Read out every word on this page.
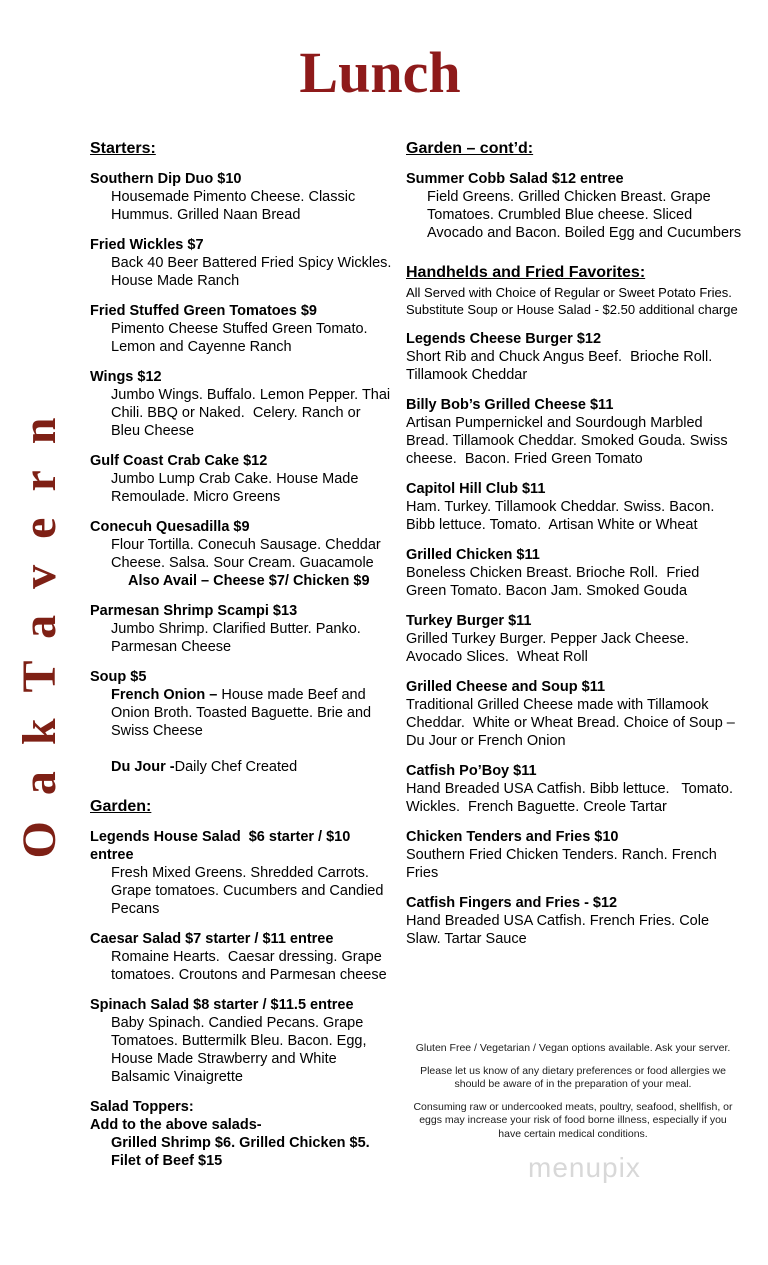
OakTavern
Lunch
Starters:
Southern Dip Duo $10
Housemade Pimento Cheese. Classic Hummus. Grilled Naan Bread
Fried Wickles $7
Back 40 Beer Battered Fried Spicy Wickles. House Made Ranch
Fried Stuffed Green Tomatoes $9
Pimento Cheese Stuffed Green Tomato. Lemon and Cayenne Ranch
Wings $12
Jumbo Wings. Buffalo. Lemon Pepper. Thai Chili. BBQ or Naked.  Celery. Ranch or Bleu Cheese
Gulf Coast Crab Cake $12
Jumbo Lump Crab Cake. House Made Remoulade. Micro Greens
Conecuh Quesadilla $9
Flour Tortilla. Conecuh Sausage. Cheddar Cheese. Salsa. Sour Cream. Guacamole
Also Avail – Cheese $7/ Chicken $9
Parmesan Shrimp Scampi $13
Jumbo Shrimp. Clarified Butter. Panko. Parmesan Cheese
Soup $5
French Onion – House made Beef and Onion Broth. Toasted Baguette. Brie and Swiss Cheese
Du Jour -Daily Chef Created
Garden:
Legends House Salad  $6 starter / $10 entree
Fresh Mixed Greens. Shredded Carrots. Grape tomatoes. Cucumbers and Candied Pecans
Caesar Salad $7 starter / $11 entree
Romaine Hearts.  Caesar dressing. Grape tomatoes. Croutons and Parmesan cheese
Spinach Salad $8 starter / $11.5 entree
Baby Spinach. Candied Pecans. Grape Tomatoes. Buttermilk Bleu. Bacon. Egg, House Made Strawberry and White Balsamic Vinaigrette
Salad Toppers:
Add to the above salads-
Grilled Shrimp $6. Grilled Chicken $5.
Filet of Beef $15
Garden – cont’d:
Summer Cobb Salad $12 entree
Field Greens. Grilled Chicken Breast. Grape Tomatoes. Crumbled Blue cheese. Sliced Avocado and Bacon. Boiled Egg and Cucumbers
Handhelds and Fried Favorites:
All Served with Choice of Regular or Sweet Potato Fries.
Substitute Soup or House Salad - $2.50 additional charge
Legends Cheese Burger $12
Short Rib and Chuck Angus Beef.  Brioche Roll. Tillamook Cheddar
Billy Bob’s Grilled Cheese $11
Artisan Pumpernickel and Sourdough Marbled Bread. Tillamook Cheddar. Smoked Gouda. Swiss cheese.  Bacon. Fried Green Tomato
Capitol Hill Club $11
Ham. Turkey. Tillamook Cheddar. Swiss. Bacon.  Bibb lettuce. Tomato.  Artisan White or Wheat
Grilled Chicken $11
Boneless Chicken Breast. Brioche Roll.  Fried Green Tomato. Bacon Jam. Smoked Gouda
Turkey Burger $11
Grilled Turkey Burger. Pepper Jack Cheese. Avocado Slices.  Wheat Roll
Grilled Cheese and Soup $11
Traditional Grilled Cheese made with Tillamook Cheddar.  White or Wheat Bread. Choice of Soup – Du Jour or French Onion
Catfish Po’Boy $11
Hand Breaded USA Catfish. Bibb lettuce.   Tomato. Wickles.  French Baguette. Creole Tartar
Chicken Tenders and Fries $10
Southern Fried Chicken Tenders. Ranch. French Fries
Catfish Fingers and Fries - $12
Hand Breaded USA Catfish. French Fries. Cole Slaw. Tartar Sauce

Gluten Free / Vegetarian / Vegan options available. Ask your server.

Please let us know of any dietary preferences or food allergies we should be aware of in the preparation of your meal.

Consuming raw or undercooked meats, poultry, seafood, shellfish, or eggs may increase your risk of food borne illness, especially if you have certain medical conditions.

menupix
